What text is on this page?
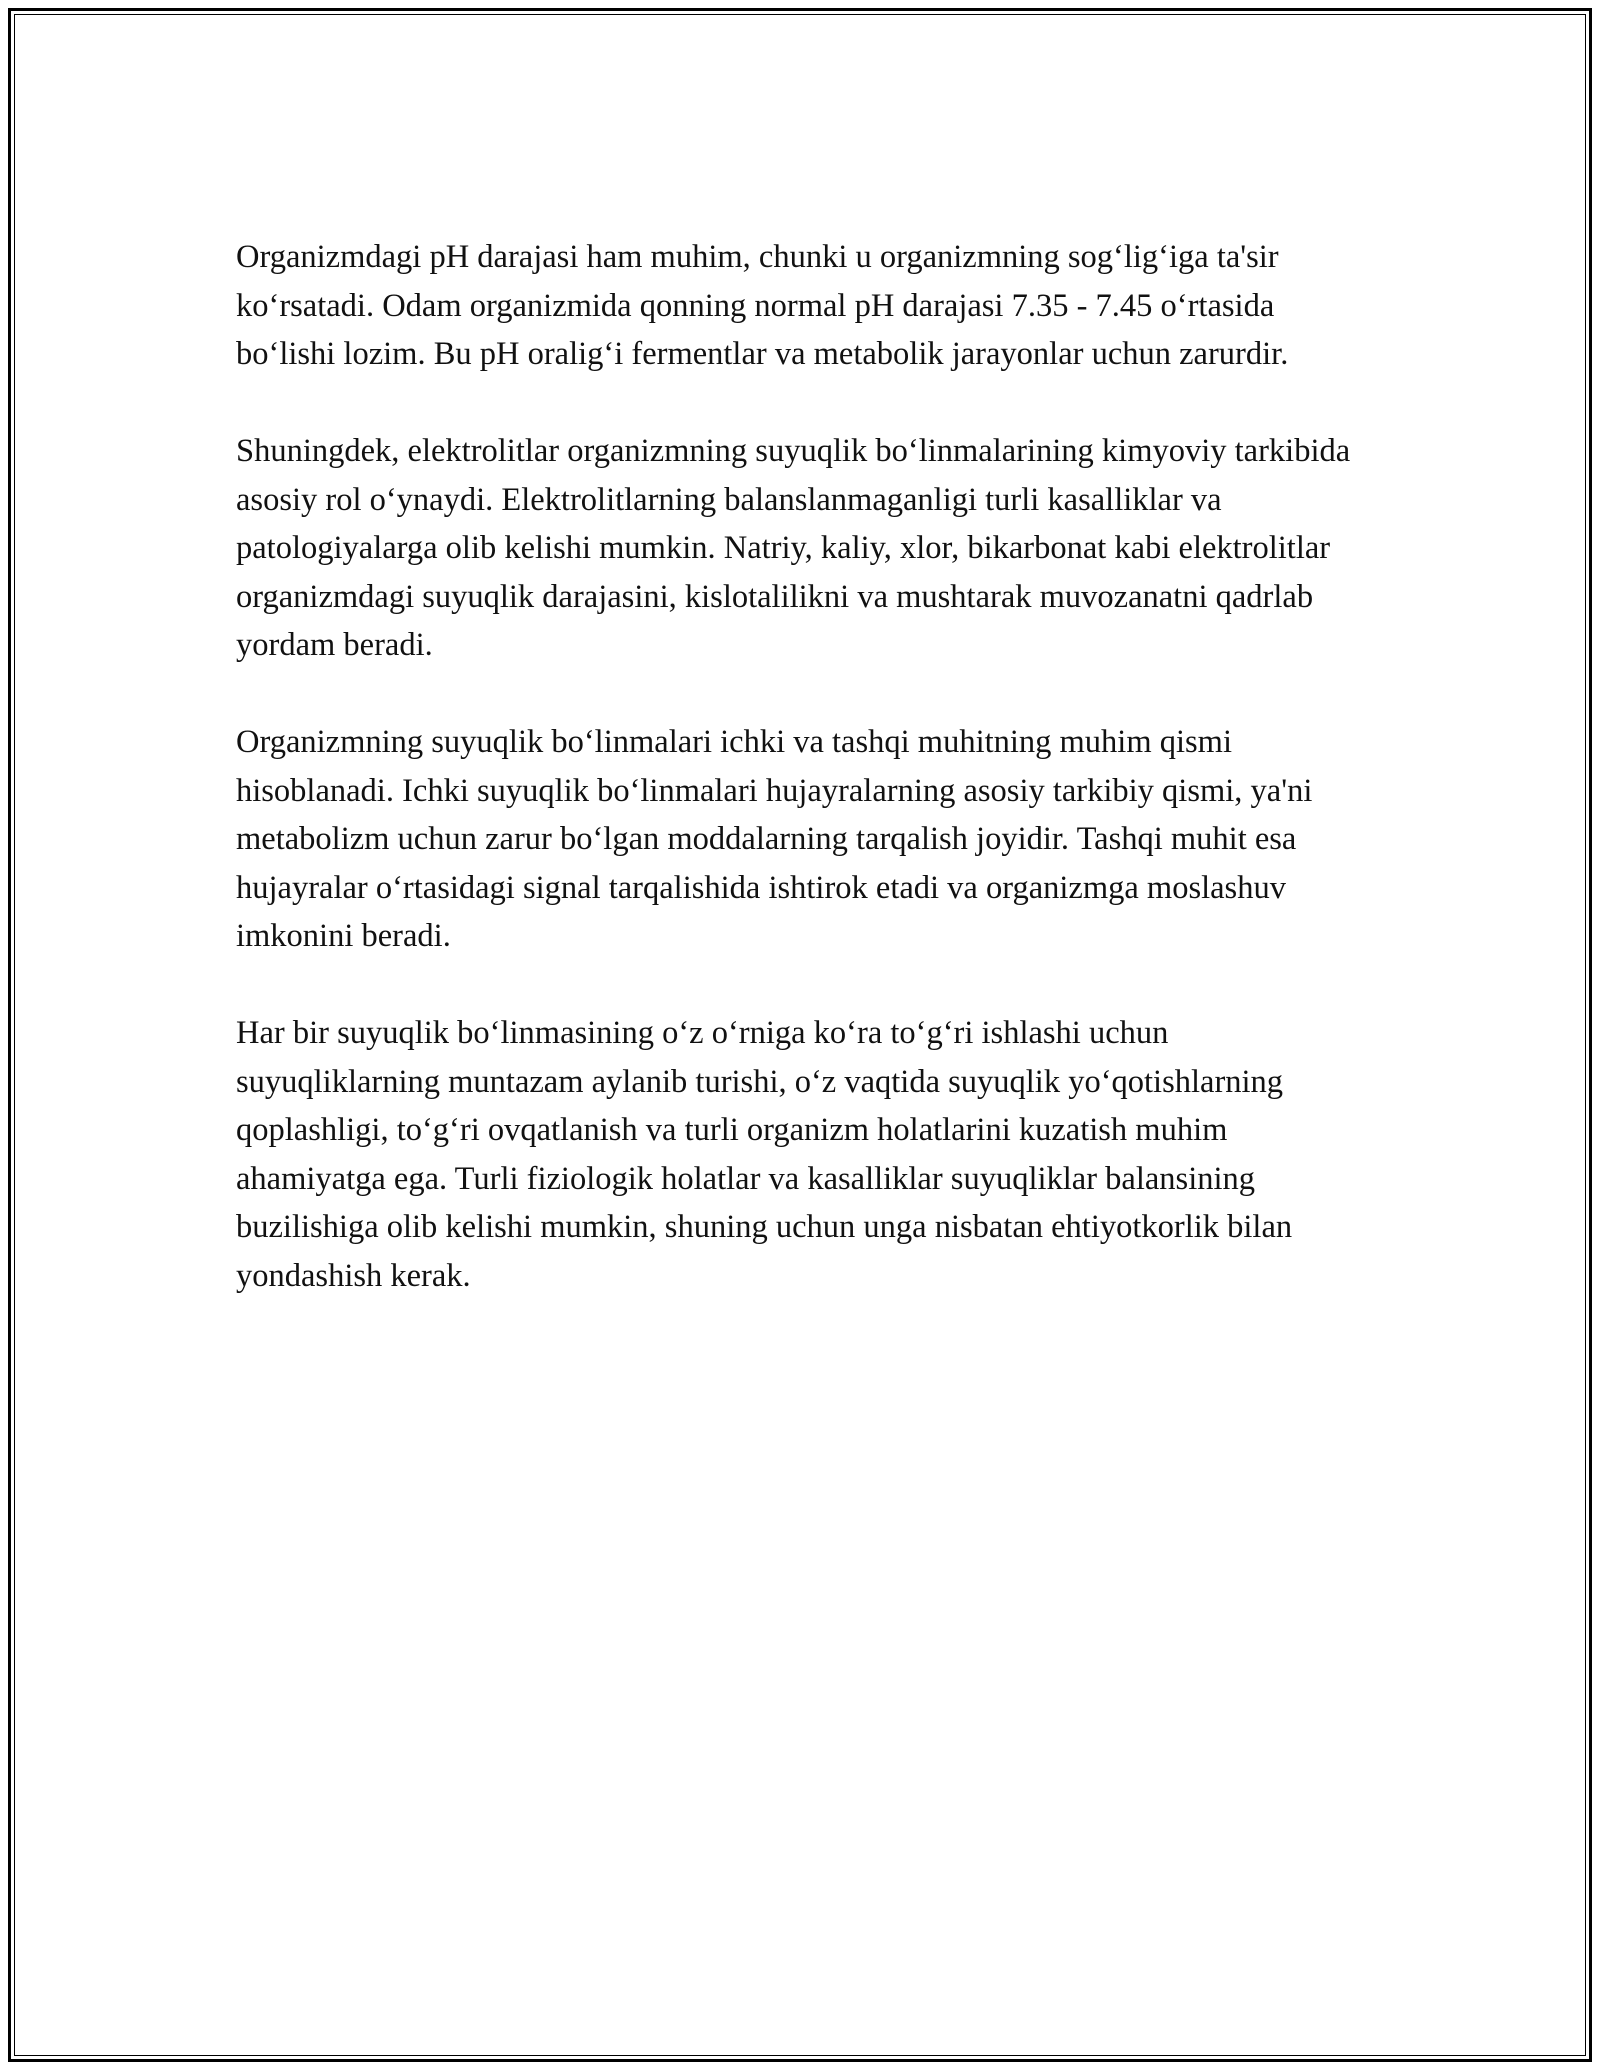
Organizmdagi pH darajasi ham muhim, chunki u organizmning sog‘lig‘iga ta'sir ko‘rsatadi. Odam organizmida qonning normal pH darajasi 7.35 - 7.45 o‘rtasida bo‘lishi lozim. Bu pH oralig‘i fermentlar va metabolik jarayonlar uchun zarurdir.

Shuningdek, elektrolitlar organizmning suyuqlik bo‘linmalarining kimyoviy tarkibida asosiy rol o‘ynaydi. Elektrolitlarning balanslanmaganligi turli kasalliklar va patologiyalarga olib kelishi mumkin. Natriy, kaliy, xlor, bikarbonat kabi elektrolitlar organizmdagi suyuqlik darajasini, kislotalilikni va mushtarak muvozanatni qadrlab yordam beradi.

Organizmning suyuqlik bo‘linmalari ichki va tashqi muhitning muhim qismi hisoblanadi. Ichki suyuqlik bo‘linmalari hujayralarning asosiy tarkibiy qismi, ya'ni metabolizm uchun zarur bo‘lgan moddalarning tarqalish joyidir. Tashqi muhit esa hujayralar o‘rtasidagi signal tarqalishida ishtirok etadi va organizmga moslashuv imkonini beradi.

Har bir suyuqlik bo‘linmasining o‘z o‘rniga ko‘ra to‘g‘ri ishlashi uchun suyuqliklarning muntazam aylanib turishi, o‘z vaqtida suyuqlik yo‘qotishlarning qoplashligi, to‘g‘ri ovqatlanish va turli organizm holatlarini kuzatish muhim ahamiyatga ega. Turli fiziologik holatlar va kasalliklar suyuqliklar balansining buzilishiga olib kelishi mumkin, shuning uchun unga nisbatan ehtiyotkorlik bilan yondashish kerak.
